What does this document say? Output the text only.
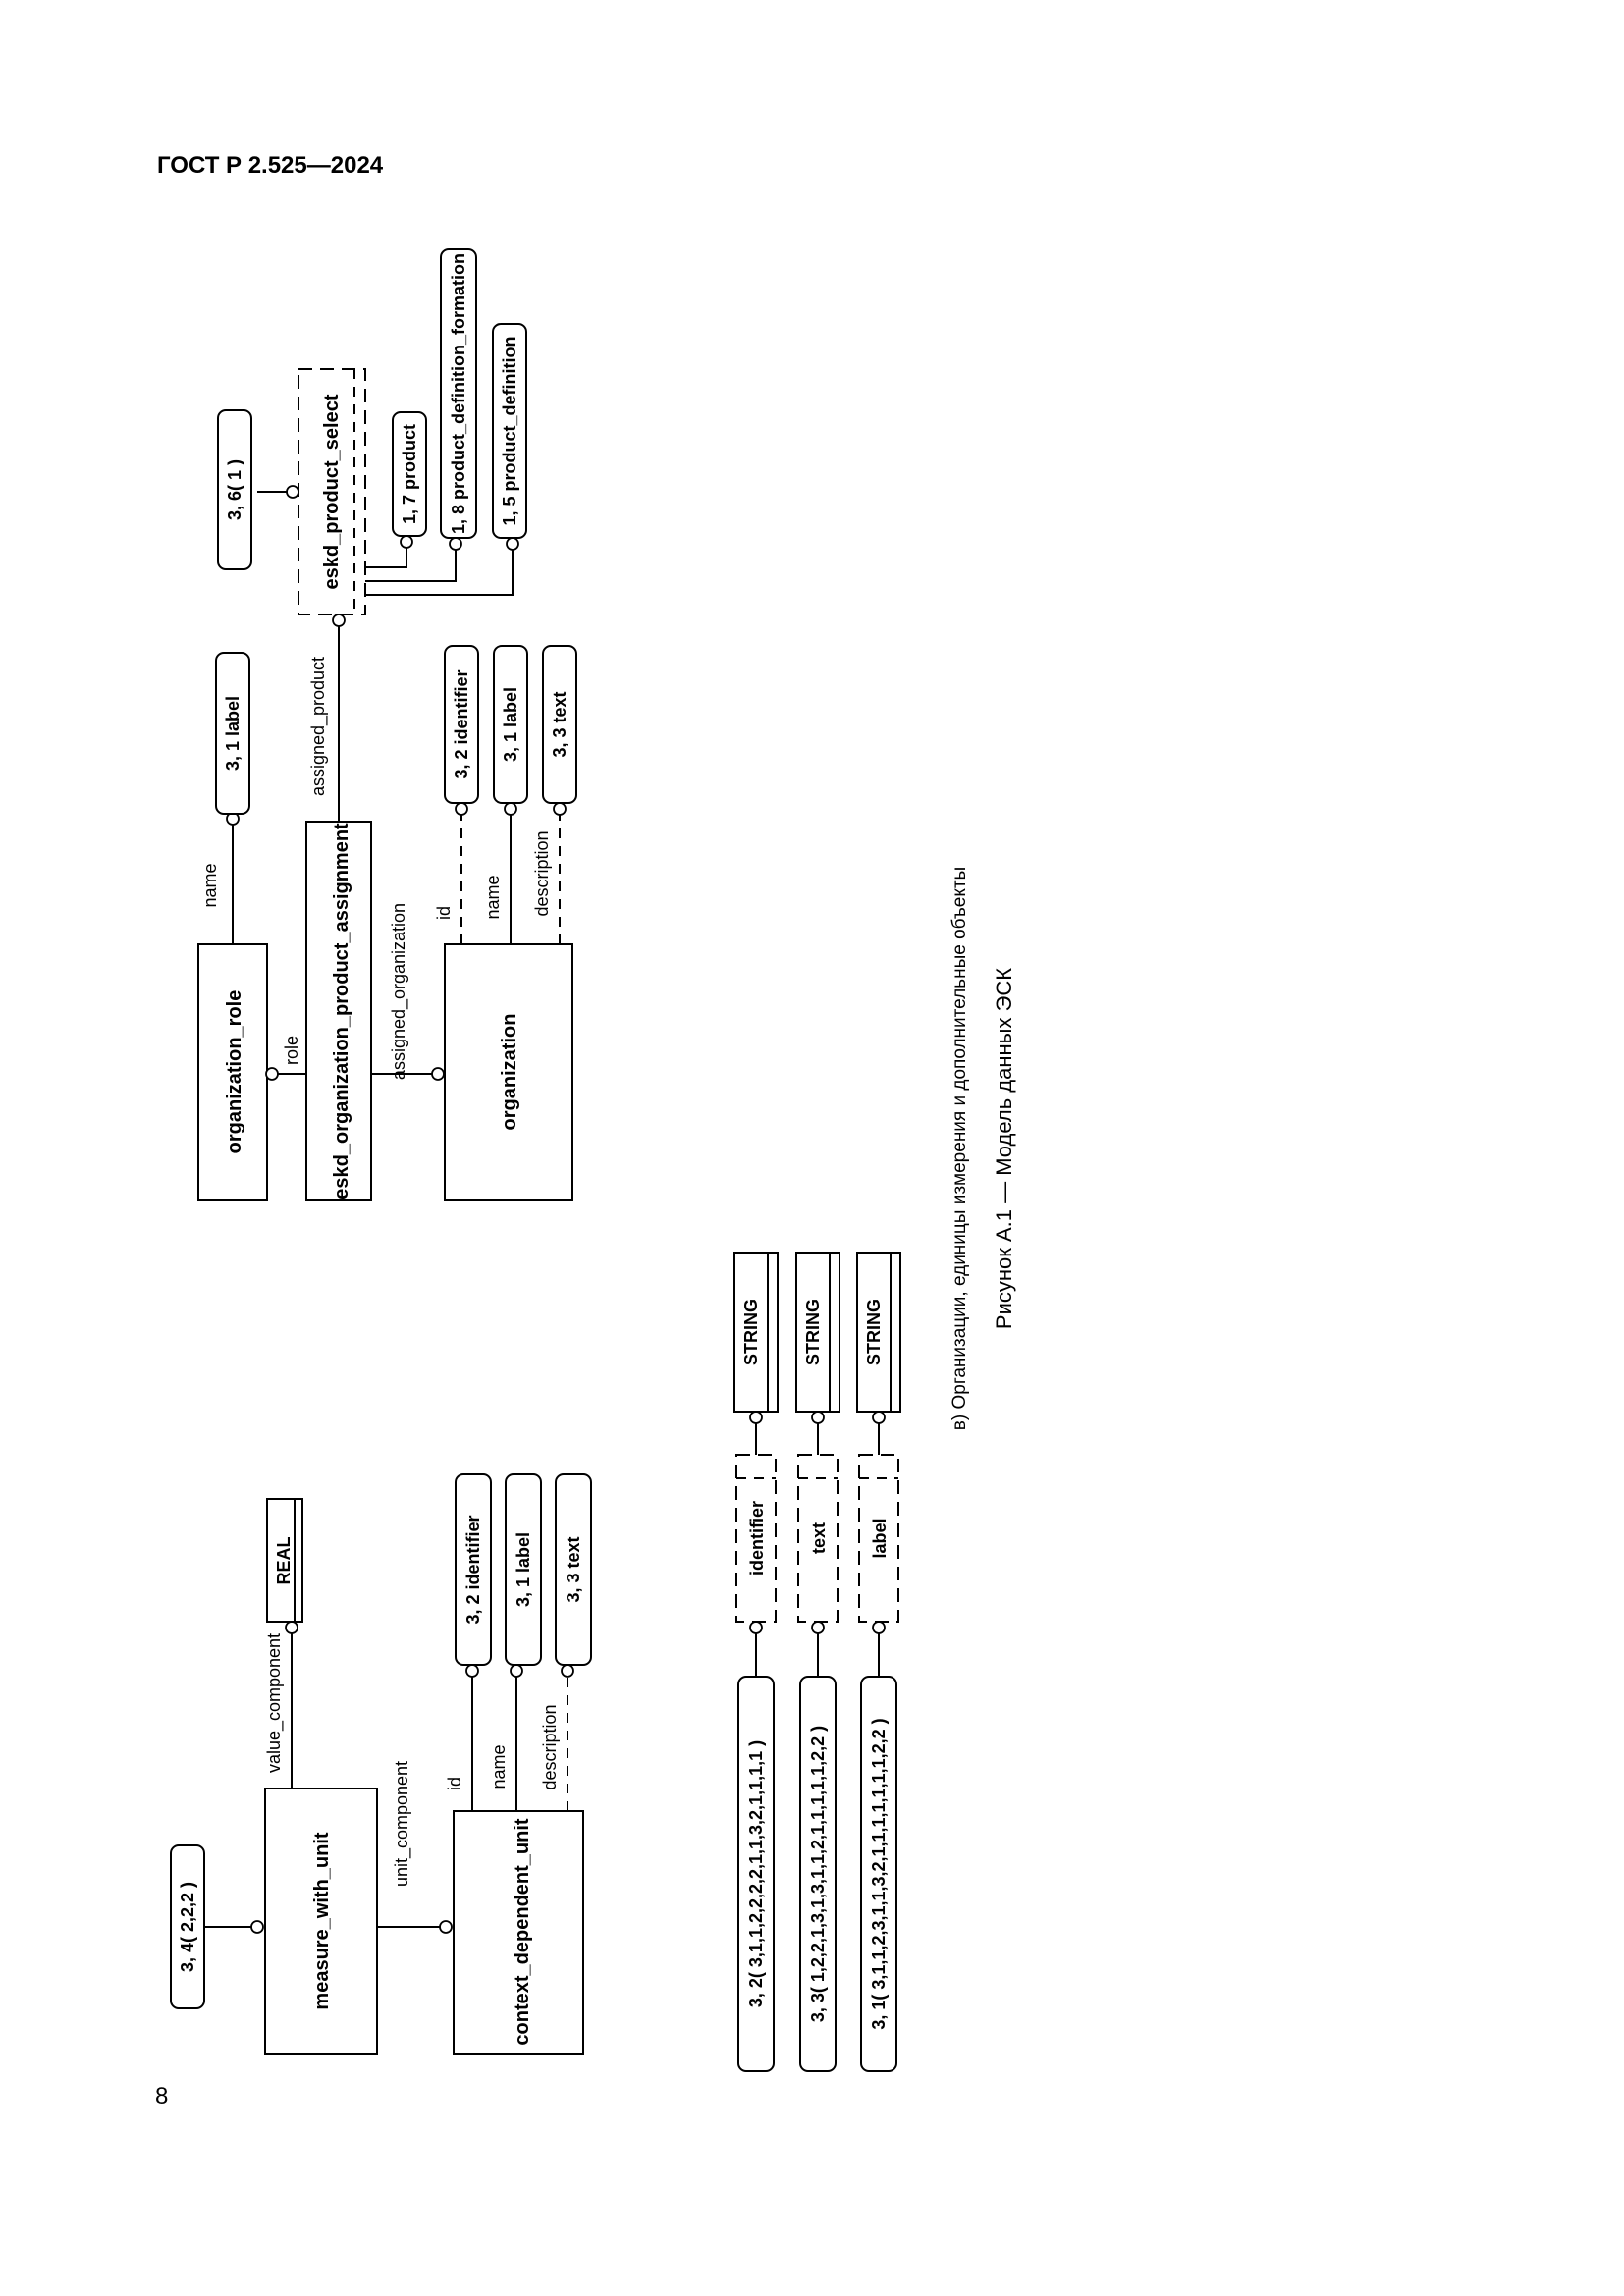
ГОСТ Р 2.525—2024
8
organization_role
name
3, 1 label
eskd_organization_product_assignment
role	assigned_organization	organization
assigned_product
eskd_product_select
3, 6( 1 )	1, 7 product 1, 8 product_definition_formation 1, 5 product_definition
id name description
3, 2 identifier 3, 1 label 3, 3 text
3, 4( 2,2,2 )	measure_with_unit
value_component
REAL
unit_component	context_dependent_unit
id name description
3, 2 identifier 3, 1 label 3, 3 text
3, 2( 3,1,1,2,2,2,2,1,1,3,2,1,1,1,1 )
identifier
STRING
3, 3( 1,2,2,1,3,1,3,1,1,2,1,1,1,1,1,2,2 )
text
STRING
3, 1( 3,1,1,2,3,1,1,3,2,1,1,1,1,1,1,1,2,2 )
label
STRING	в) Организации, единицы измерения и дополнительные объекты Рисунок А.1 — Модель данных ЭСК
